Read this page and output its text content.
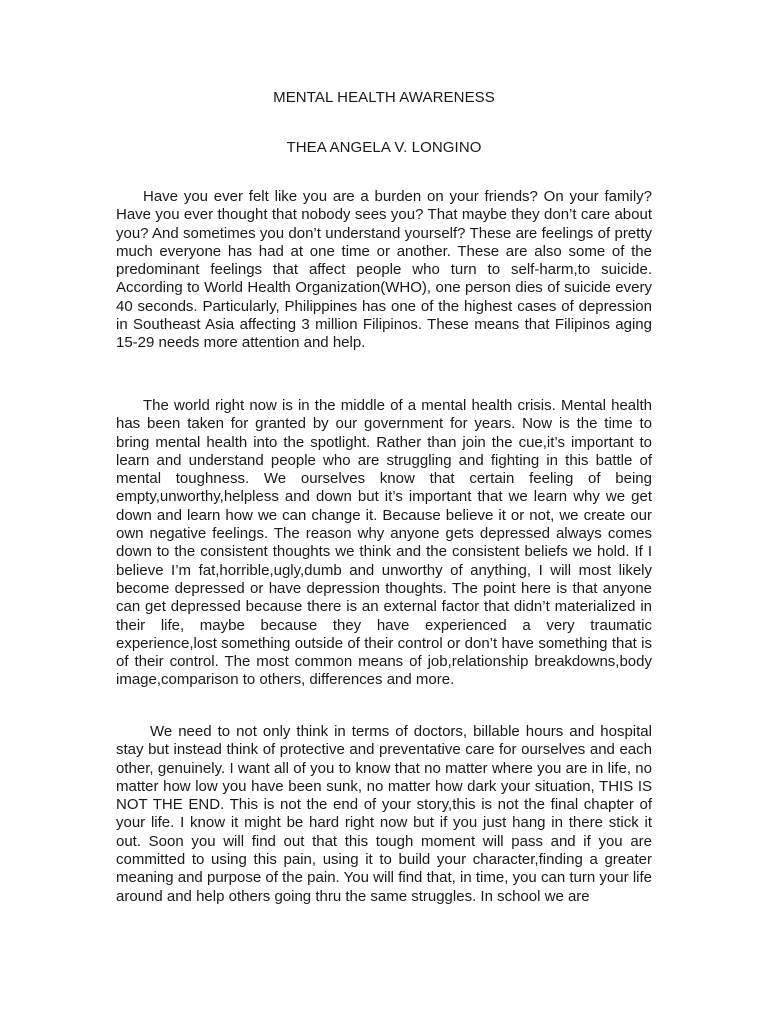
MENTAL HEALTH AWARENESS
THEA ANGELA V. LONGINO

Have you ever felt like you are a burden on your friends? On your family? Have you ever thought that nobody sees you? That maybe they don’t care about you? And sometimes you don’t understand yourself? These are feelings of pretty much everyone has had at one time or another. These are also some of the predominant feelings that affect people who turn to self-harm,to suicide. According to World Health Organization(WHO), one person dies of suicide every 40 seconds. Particularly, Philippines has one of the highest cases of depression in Southeast Asia affecting 3 million Filipinos. These means that Filipinos aging 15-29 needs more attention and help.

The world right now is in the middle of a mental health crisis. Mental health has been taken for granted by our government for years. Now is the time to bring mental health into the spotlight. Rather than join the cue,it’s important to learn and understand people who are struggling and fighting in this battle of mental toughness. We ourselves know that certain feeling of being empty,unworthy,helpless and down but it’s important that we learn why we get down and learn how we can change it. Because believe it or not, we create our own negative feelings. The reason why anyone gets depressed always comes down to the consistent thoughts we think and the consistent beliefs we hold. If I believe I’m fat,horrible,ugly,dumb and unworthy of anything, I will most likely become depressed or have depression thoughts. The point here is that anyone can get depressed because there is an external factor that didn’t materialized in their life, maybe because they have experienced a very traumatic experience,lost something outside of their control or don’t have something that is of their control. The most common means of job,relationship breakdowns,body image,comparison to others, differences and more.

We need to not only think in terms of doctors, billable hours and hospital stay but instead think of protective and preventative care for ourselves and each other, genuinely. I want all of you to know that no matter where you are in life, no matter how low you have been sunk, no matter how dark your situation, THIS IS NOT THE END. This is not the end of your story,this is not the final chapter of your life. I know it might be hard right now but if you just hang in there stick it out. Soon you will find out that this tough moment will pass and if you are committed to using this pain, using it to build your character,finding a greater meaning and purpose of the pain. You will find that, in time, you can turn your life around and help others going thru the same struggles. In school we are
